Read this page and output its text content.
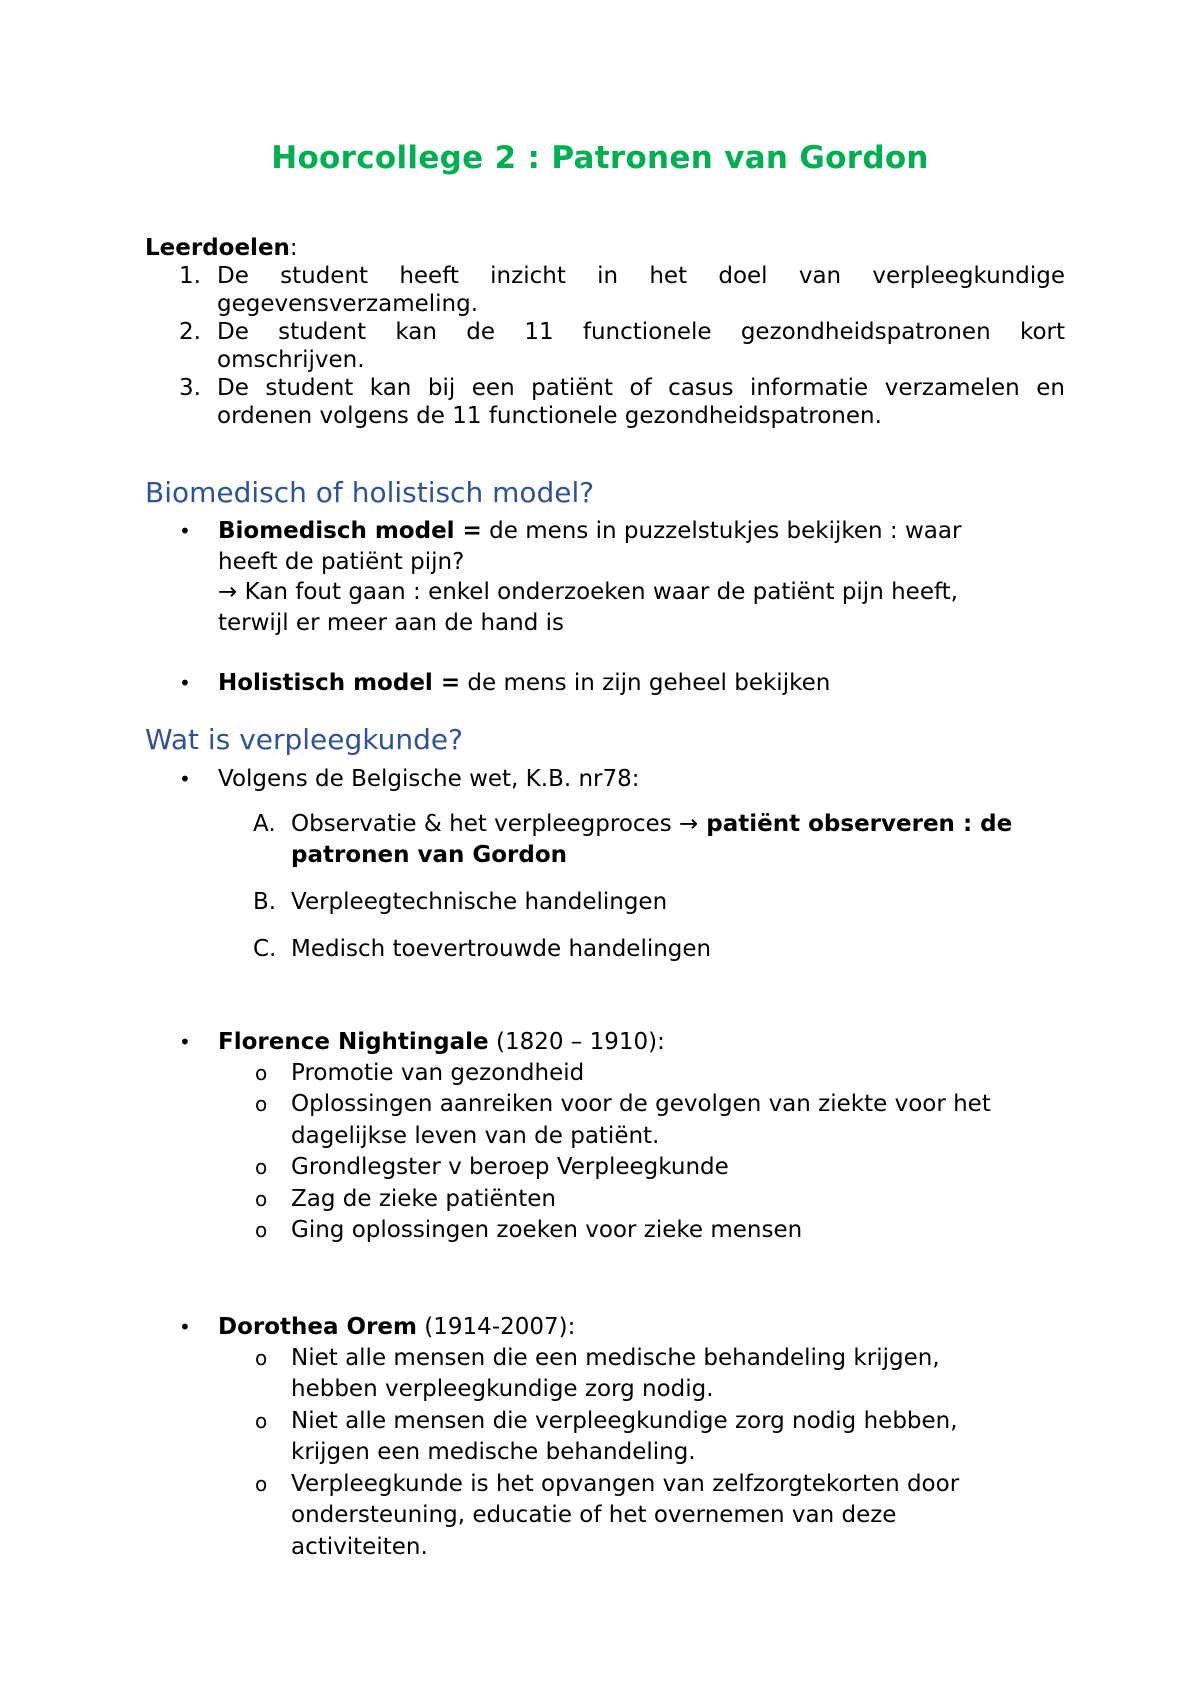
Hoorcollege 2 : Patronen van Gordon
Leerdoelen:
1. De student heeft inzicht in het doel van verpleegkundige gegevensverzameling.
2. De student kan de 11 functionele gezondheidspatronen kort omschrijven.
3. De student kan bij een patiënt of casus informatie verzamelen en ordenen volgens de 11 functionele gezondheidspatronen.
Biomedisch of holistisch model?
• Biomedisch model = de mens in puzzelstukjes bekijken : waar heeft de patiënt pijn?
→ Kan fout gaan : enkel onderzoeken waar de patiënt pijn heeft, terwijl er meer aan de hand is
• Holistisch model = de mens in zijn geheel bekijken
Wat is verpleegkunde?
• Volgens de Belgische wet, K.B. nr78:
A. Observatie & het verpleegproces → patiënt observeren : de patronen van Gordon
B. Verpleegtechnische handelingen
C. Medisch toevertrouwde handelingen
• Florence Nightingale (1820 – 1910):
o Promotie van gezondheid
o Oplossingen aanreiken voor de gevolgen van ziekte voor het dagelijkse leven van de patiënt.
o Grondlegster v beroep Verpleegkunde
o Zag de zieke patiënten
o Ging oplossingen zoeken voor zieke mensen
• Dorothea Orem (1914-2007):
o Niet alle mensen die een medische behandeling krijgen, hebben verpleegkundige zorg nodig.
o Niet alle mensen die verpleegkundige zorg nodig hebben, krijgen een medische behandeling.
o Verpleegkunde is het opvangen van zelfzorgtekorten door ondersteuning, educatie of het overnemen van deze activiteiten.
